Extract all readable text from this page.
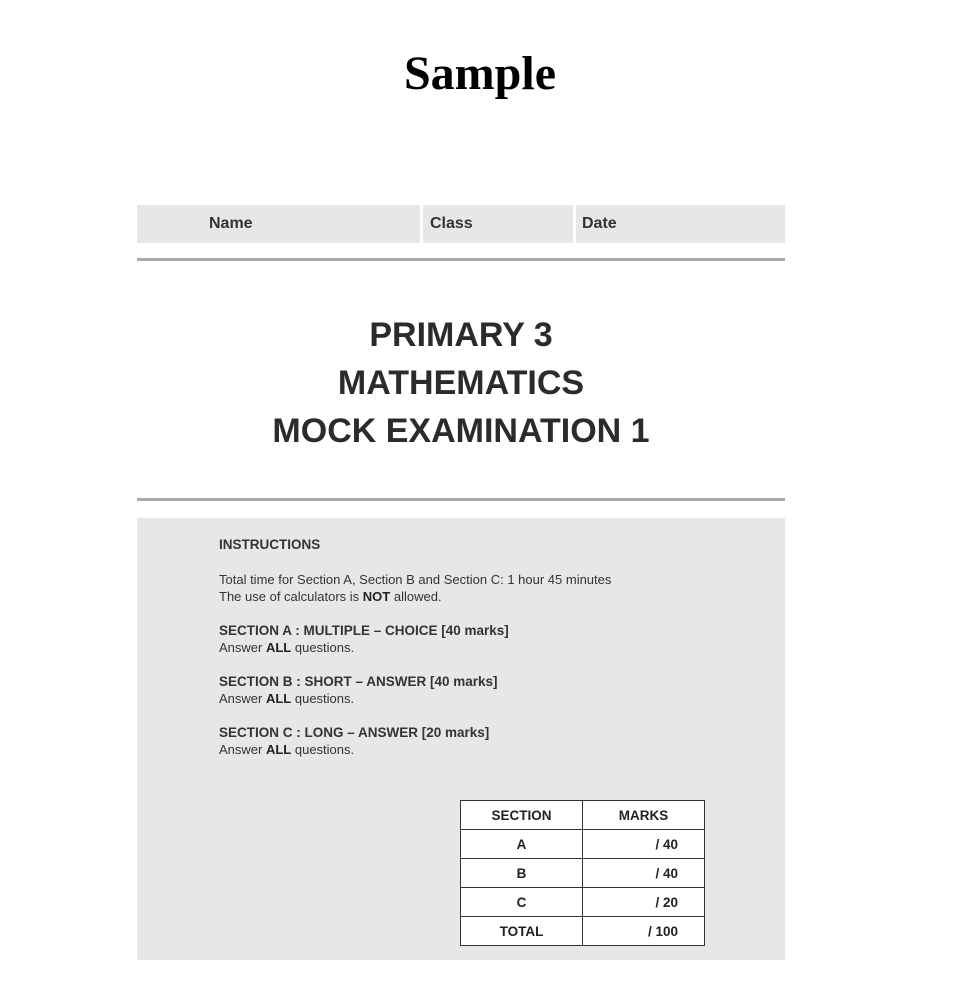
Sample
Name	Class	Date
PRIMARY 3
MATHEMATICS
MOCK EXAMINATION 1
INSTRUCTIONS
Total time for Section A, Section B and Section C: 1 hour 45 minutes
The use of calculators is NOT allowed.
SECTION A : MULTIPLE – CHOICE [40 marks]
Answer ALL questions.
SECTION B : SHORT – ANSWER [40 marks]
Answer ALL questions.
SECTION C : LONG – ANSWER [20 marks]
Answer ALL questions.
SECTION	MARKS
A	/ 40
B	/ 40
C	/ 20
TOTAL	/ 100
